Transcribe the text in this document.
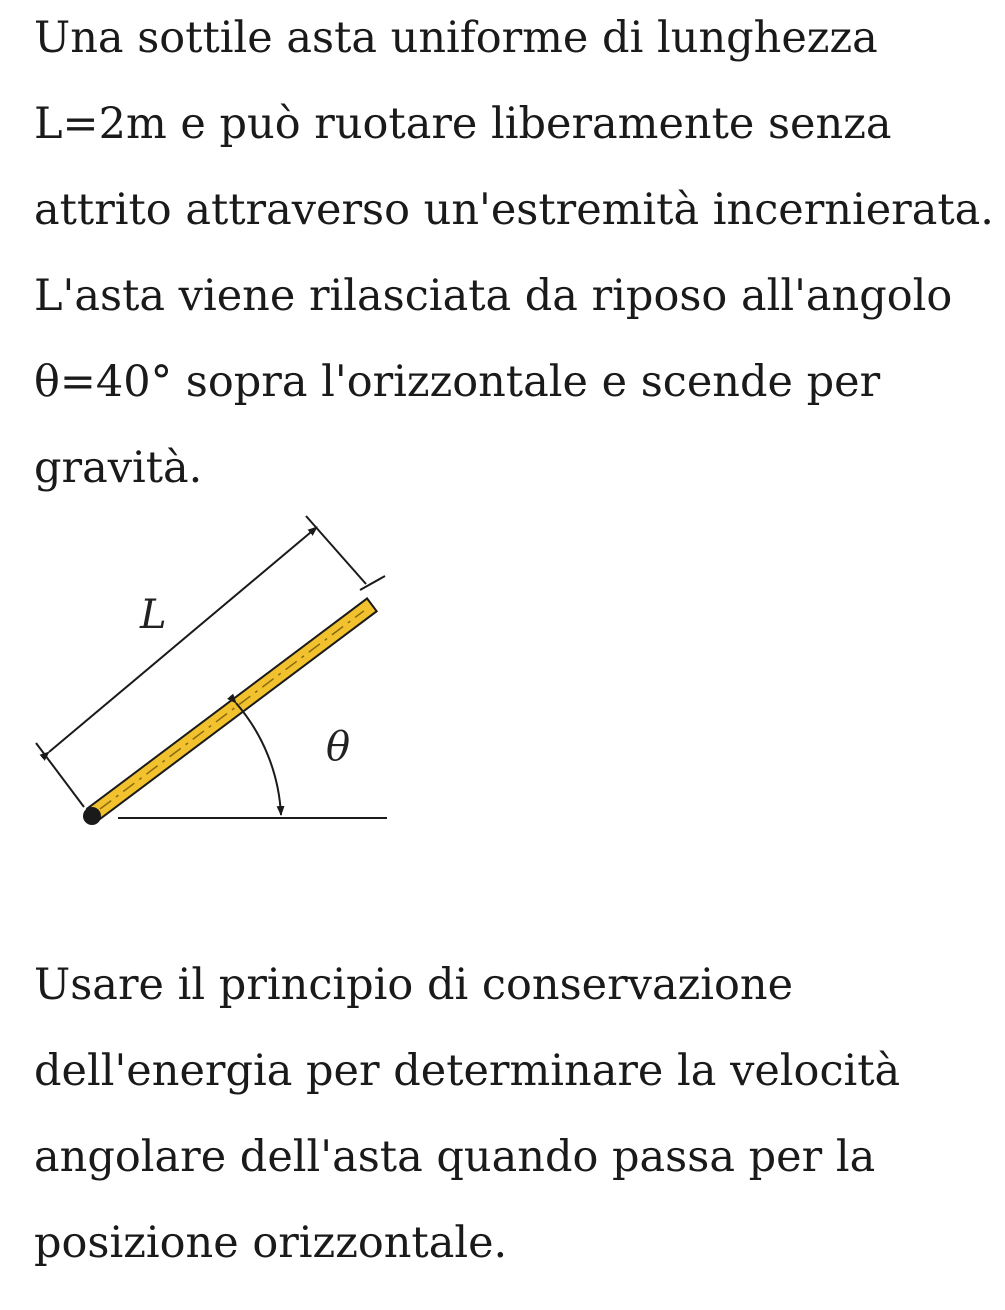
Una sottile asta uniforme di lunghezza
L=2m e può ruotare liberamente senza
attrito attraverso un'estremità incernierata.
L'asta viene rilasciata da riposo all'angolo
θ=40° sopra l'orizzontale e scende per
gravità.
L
θ
Usare il principio di conservazione
dell'energia per determinare la velocità
angolare dell'asta quando passa per la
posizione orizzontale.
